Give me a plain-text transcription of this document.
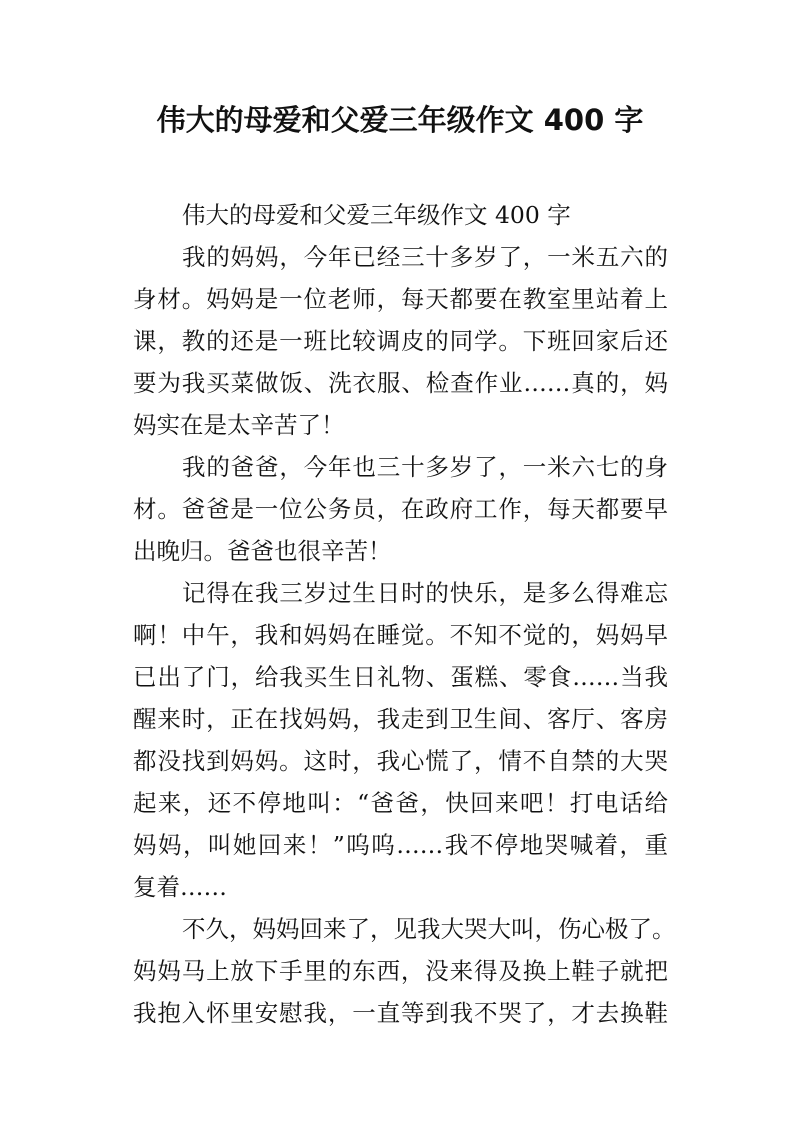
伟大的母爱和父爱三年级作文 400 字
伟大的母爱和父爱三年级作文 400 字
我的妈妈，今年已经三十多岁了，一米五六的
身材。妈妈是一位老师，每天都要在教室里站着上
课，教的还是一班比较调皮的同学。下班回家后还
要为我买菜做饭、洗衣服、检查作业……真的，妈
妈实在是太辛苦了！
我的爸爸，今年也三十多岁了，一米六七的身
材。爸爸是一位公务员，在政府工作，每天都要早
出晚归。爸爸也很辛苦！
记得在我三岁过生日时的快乐，是多么得难忘
啊！中午，我和妈妈在睡觉。不知不觉的，妈妈早
已出了门，给我买生日礼物、蛋糕、零食……当我
醒来时，正在找妈妈，我走到卫生间、客厅、客房
都没找到妈妈。这时，我心慌了，情不自禁的大哭
起来，还不停地叫：“爸爸，快回来吧！打电话给
妈妈，叫她回来！”呜呜……我不停地哭喊着，重
复着……
不久，妈妈回来了，见我大哭大叫，伤心极了。
妈妈马上放下手里的东西，没来得及换上鞋子就把
我抱入怀里安慰我，一直等到我不哭了，才去换鞋
